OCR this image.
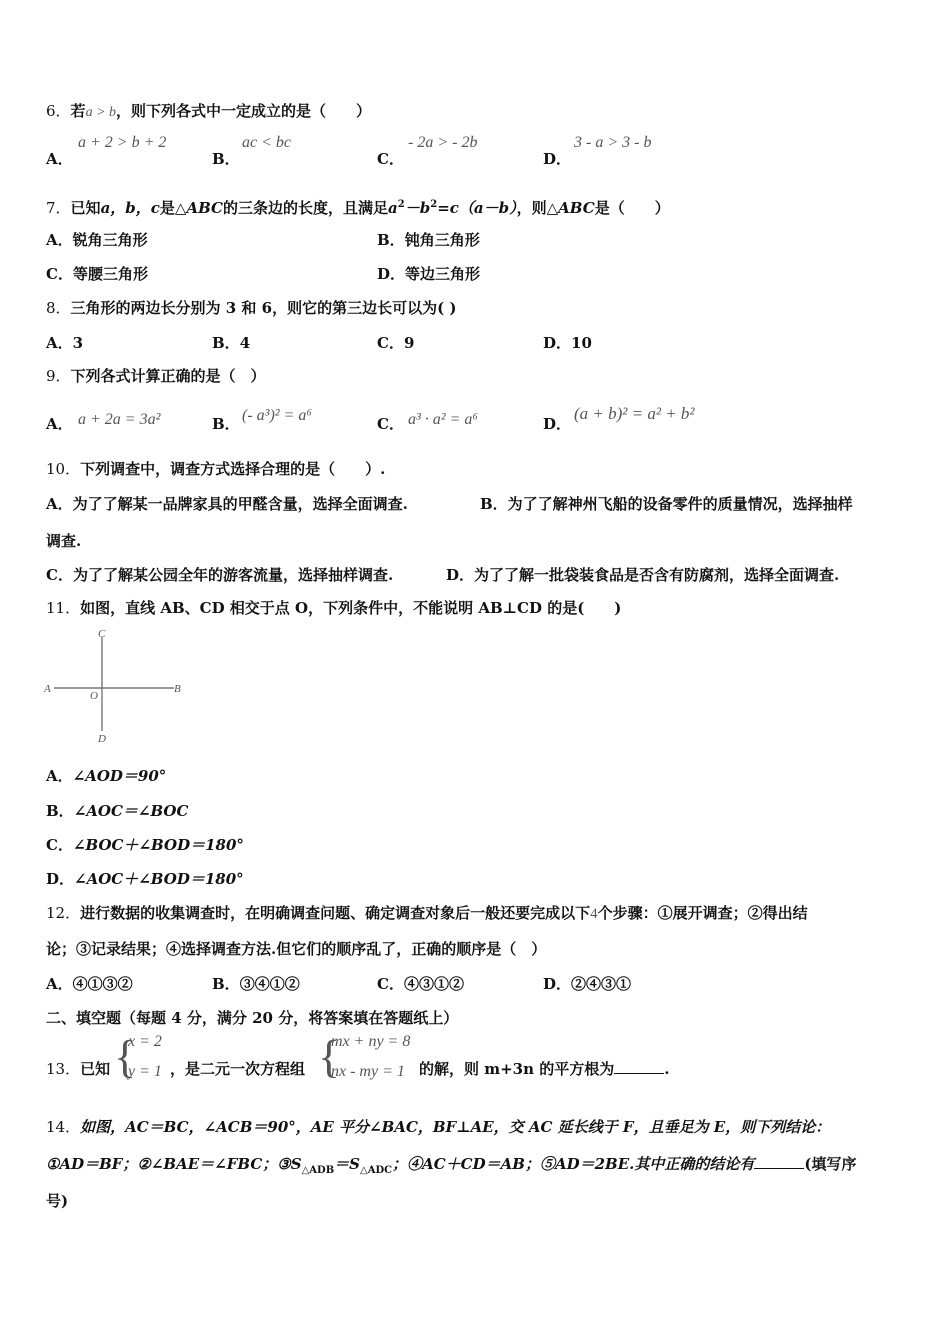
6．若a > b，则下列各式中一定成立的是（　　）
A．
a + 2 > b + 2
B．
ac < bc
C．
- 2a > - 2b
D．
3 - a > 3 - b
7．已知a，b，c是△ABC的三条边的长度，且满足$a^2-b^2=c(a-b)$，则△ABC是（　　）
A．锐角三角形	B．钝角三角形
C．等腰三角形	D．等边三角形
8．三角形的两边长分别为 3 和 6，则它的第三边长可以为( )
A．3	B．4	C．9	D．10
9．下列各式计算正确的是（　）
A． a + 2a = 3a²	B． (- a³)² = a⁶	C． a³ · a² = a⁶	D．
(a + b)² = a² + b²
10．下列调查中，调查方式选择合理的是（　　）.
A．为了了解某一品牌家具的甲醛含量，选择全面调查.	B．为了了解神州飞船的设备零件的质量情况，选择抽样
调查.
C．为了了解某公园全年的游客流量，选择抽样调查.	D．为了了解一批袋装食品是否含有防腐剂，选择全面调查.
11．如图，直线 AB、CD 相交于点 O，下列条件中，不能说明 AB⊥CD 的是(　　)
C
A	B
O
D
A．∠AOD＝90°
B．∠AOC＝∠BOC
C．∠BOC＋∠BOD＝180°
D．∠AOC＋∠BOD＝180°
12．进行数据的收集调查时，在明确调查问题、确定调查对象后一般还要完成以下4个步骤：①展开调查；②得出结
论；③记录结果；④选择调查方法.但它们的顺序乱了，正确的顺序是（　）
A．④①③②	B．③④①②	C．④③①②	D．②④③①
二、填空题（每题 4 分，满分 20 分，将答案填在答题纸上）
13．已知 {
x = 2
y = 1 ，是二元一次方程组 {
mx + ny = 8
nx - my = 1 的解，则 m+3n 的平方根为	.
14．如图，AC＝BC，∠ACB＝90°，AE 平分∠BAC，BF⊥AE，交 AC 延长线于 F，且垂足为 E，则下列结论：
①AD＝BF；②∠BAE＝∠FBC；$③S_{\triangle ADB}=S_{\triangle ADC}$；④AC＋CD＝AB；⑤AD＝2BE.其中正确的结论有	(填写序
号)
